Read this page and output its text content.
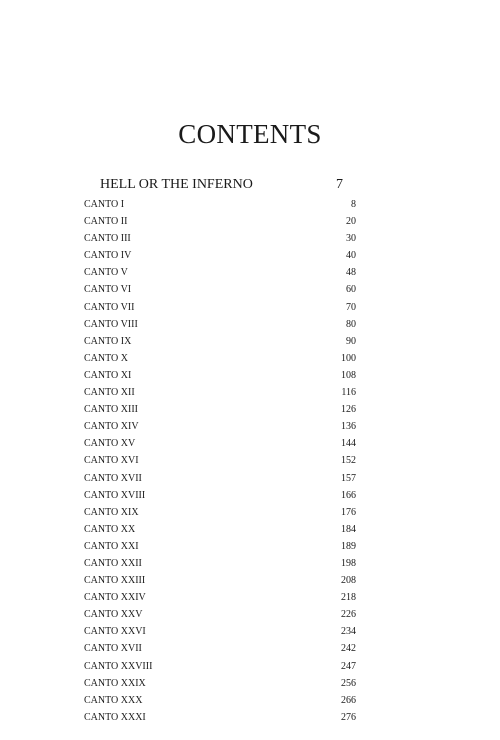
CONTENTS
HELL OR THE INFERNO	7
CANTO I	8
CANTO II	20
CANTO III	30
CANTO IV	40
CANTO V	48
CANTO VI	60
CANTO VII	70
CANTO VIII	80
CANTO IX	90
CANTO X	100
CANTO XI	108
CANTO XII	116
CANTO XIII	126
CANTO XIV	136
CANTO XV	144
CANTO XVI	152
CANTO XVII	157
CANTO XVIII	166
CANTO XIX	176
CANTO XX	184
CANTO XXI	189
CANTO XXII	198
CANTO XXIII	208
CANTO XXIV	218
CANTO XXV	226
CANTO XXVI	234
CANTO XVII	242
CANTO XXVIII	247
CANTO XXIX	256
CANTO XXX	266
CANTO XXXI	276
